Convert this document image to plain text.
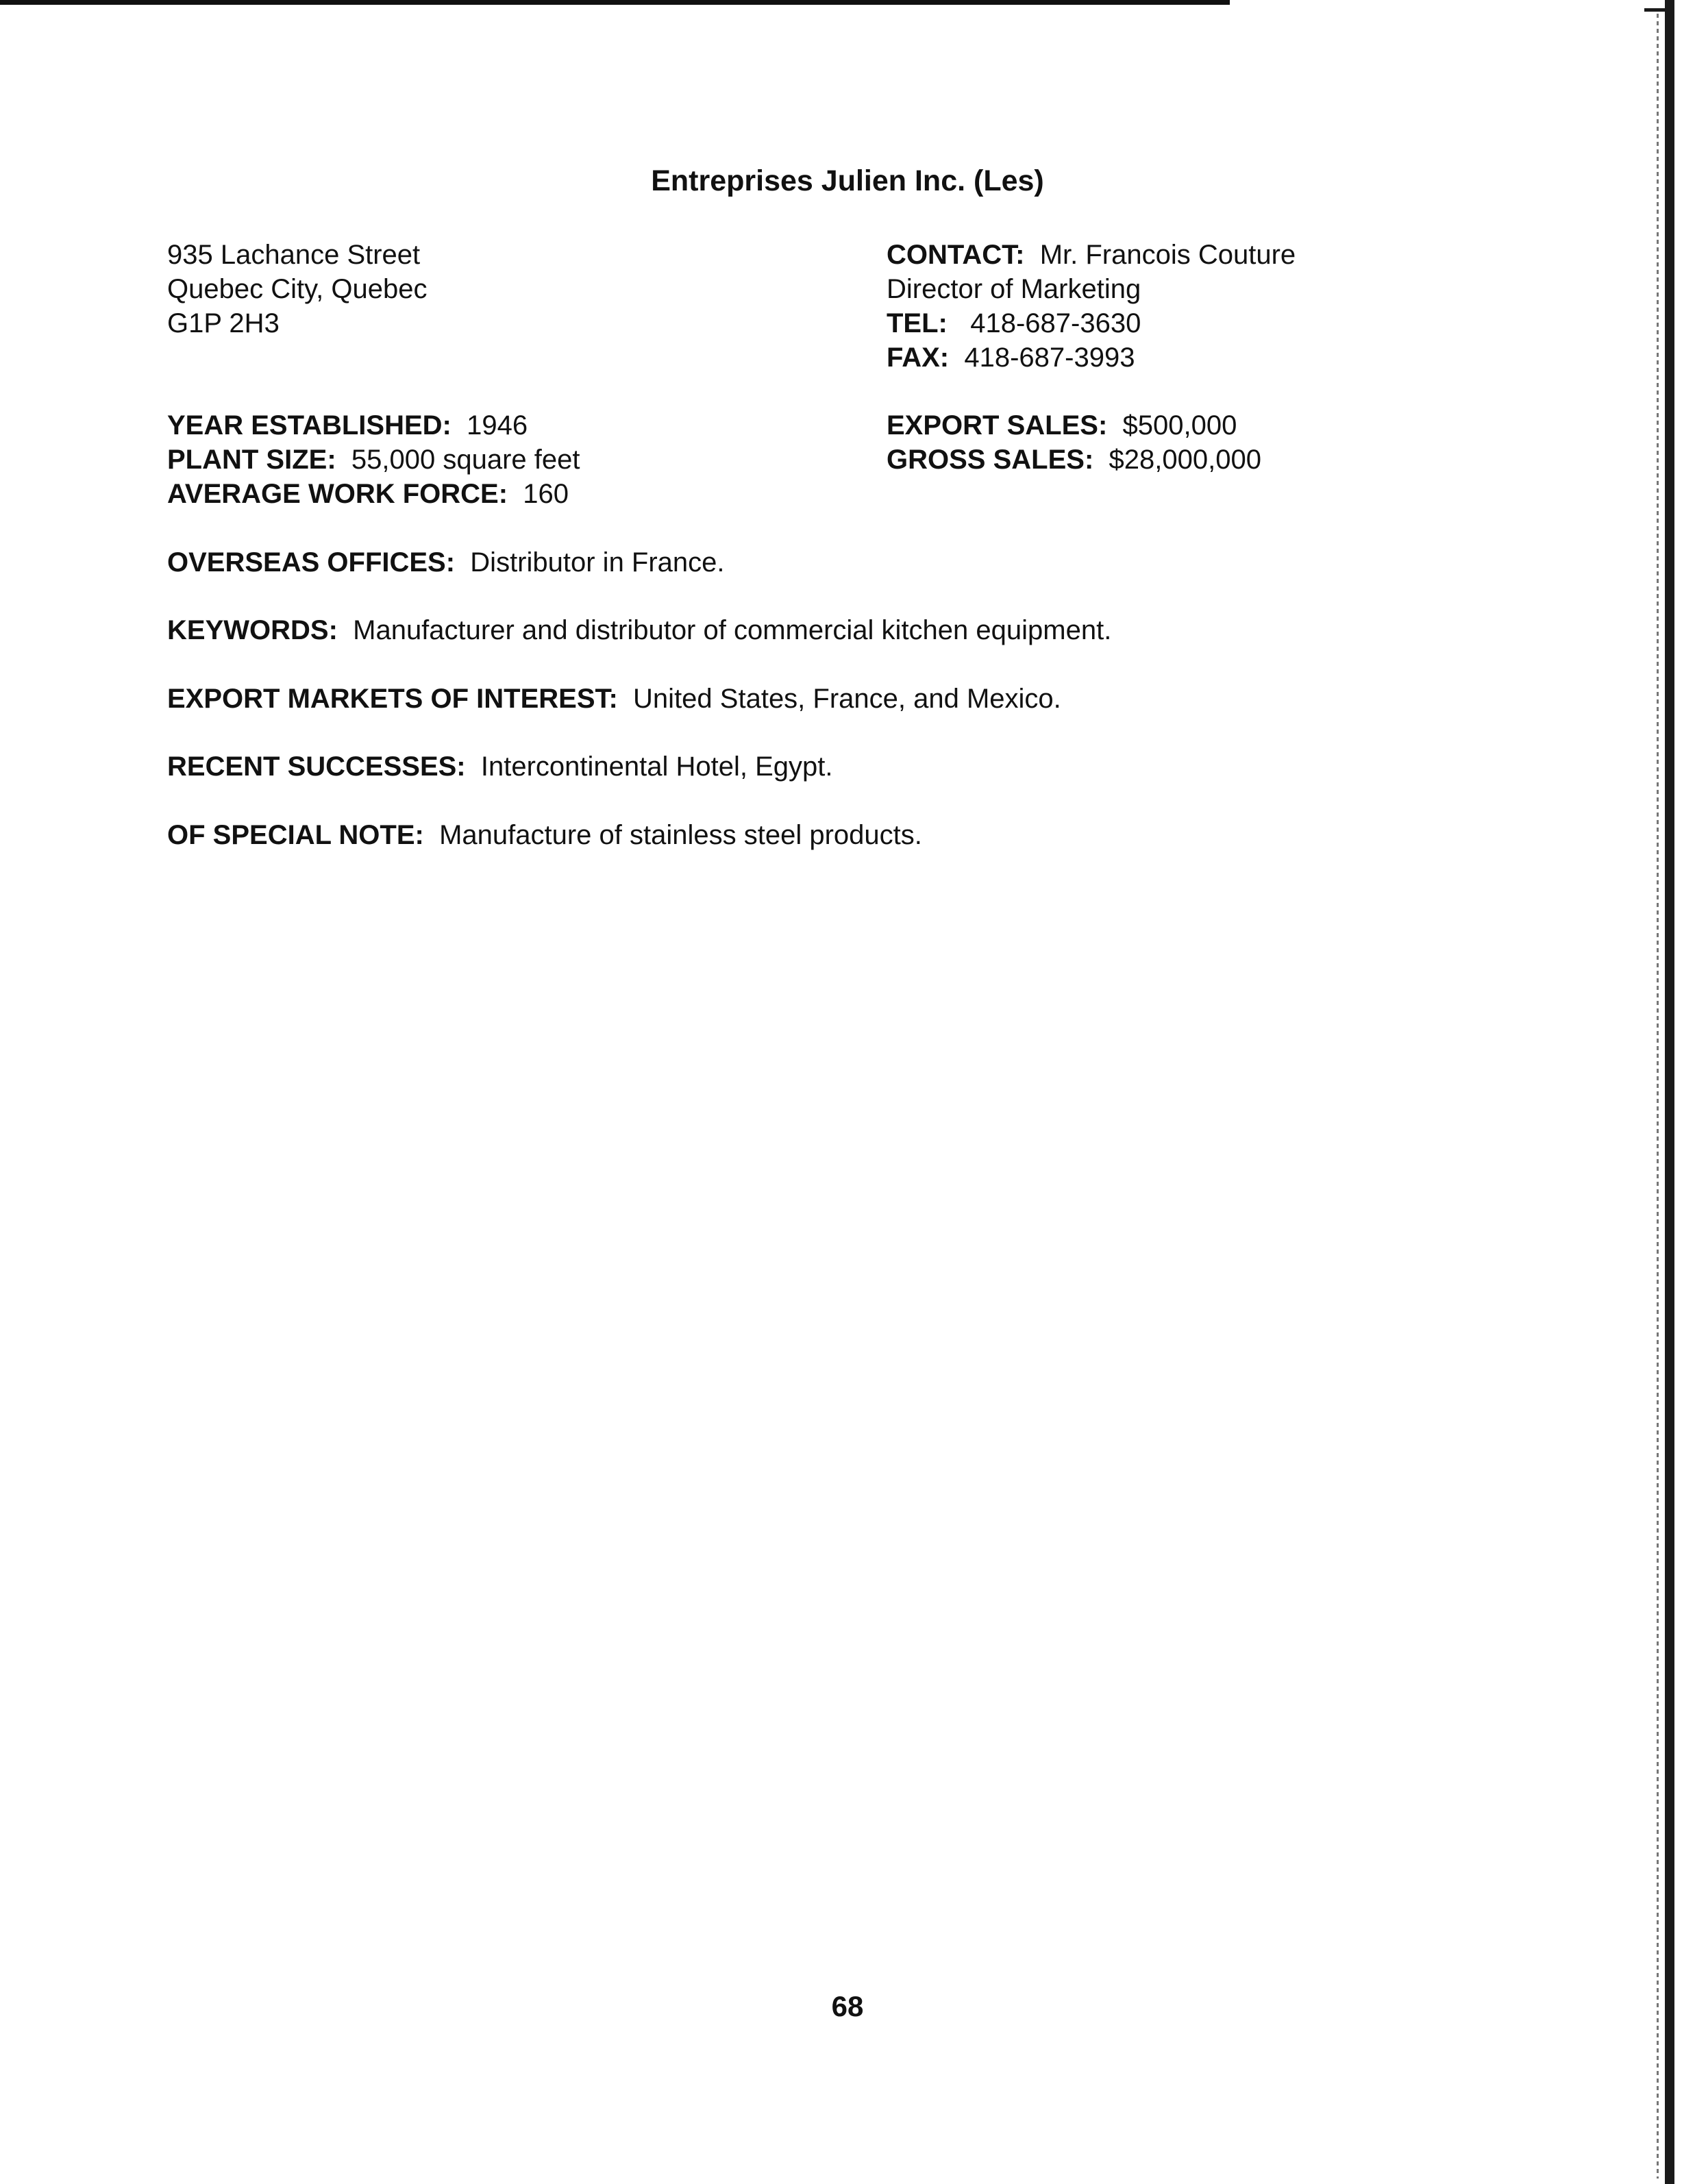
Entreprises Julien Inc. (Les)
935 Lachance Street
Quebec City, Quebec
G1P 2H3
CONTACT: Mr. Francois Couture
Director of Marketing
TEL: 418-687-3630
FAX: 418-687-3993
YEAR ESTABLISHED: 1946
PLANT SIZE: 55,000 square feet
AVERAGE WORK FORCE: 160
EXPORT SALES: $500,000
GROSS SALES: $28,000,000
OVERSEAS OFFICES: Distributor in France.
KEYWORDS: Manufacturer and distributor of commercial kitchen equipment.
EXPORT MARKETS OF INTEREST: United States, France, and Mexico.
RECENT SUCCESSES: Intercontinental Hotel, Egypt.
OF SPECIAL NOTE: Manufacture of stainless steel products.
68
